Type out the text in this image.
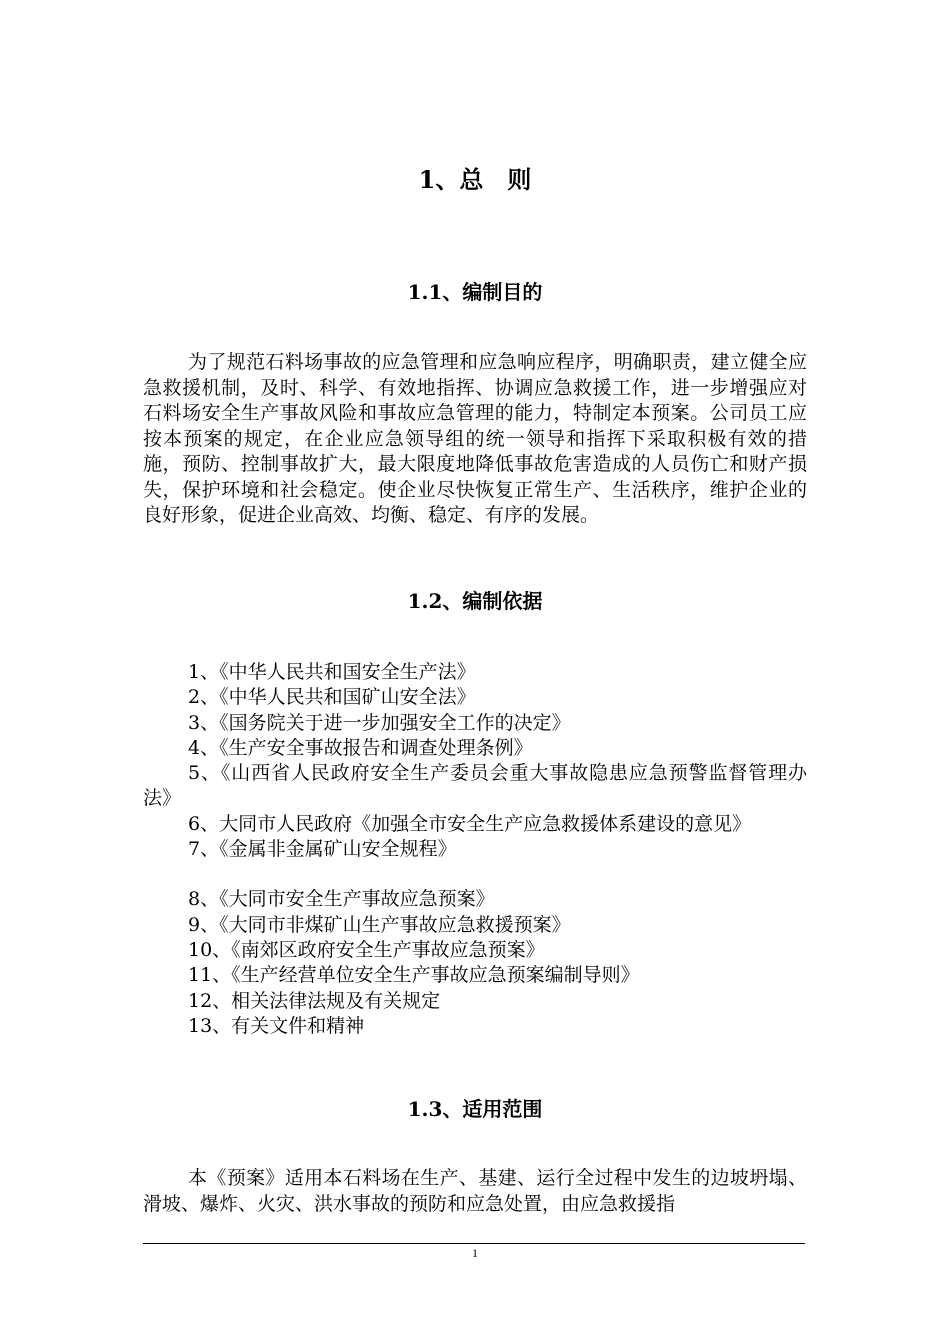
1、总　则
1.1、编制目的
为了规范石料场事故的应急管理和应急响应程序，明确职责，建立健全应急救援机制，及时、科学、有效地指挥、协调应急救援工作，进一步增强应对石料场安全生产事故风险和事故应急管理的能力，特制定本预案。公司员工应按本预案的规定，在企业应急领导组的统一领导和指挥下采取积极有效的措施，预防、控制事故扩大，最大限度地降低事故危害造成的人员伤亡和财产损失，保护环境和社会稳定。使企业尽快恢复正常生产、生活秩序，维护企业的良好形象，促进企业高效、均衡、稳定、有序的发展。
1.2、编制依据
1、《中华人民共和国安全生产法》
2、《中华人民共和国矿山安全法》
3、《国务院关于进一步加强安全工作的决定》
4、《生产安全事故报告和调查处理条例》
5、《山西省人民政府安全生产委员会重大事故隐患应急预警监督管理办法》
6、大同市人民政府《加强全市安全生产应急救援体系建设的意见》
7、《金属非金属矿山安全规程》
8、《大同市安全生产事故应急预案》
9、《大同市非煤矿山生产事故应急救援预案》
10、《南郊区政府安全生产事故应急预案》
11、《生产经营单位安全生产事故应急预案编制导则》
12、相关法律法规及有关规定
13、有关文件和精神
1.3、适用范围
本《预案》适用本石料场在生产、基建、运行全过程中发生的边坡坍塌、滑坡、爆炸、火灾、洪水事故的预防和应急处置，由应急救援指
1
